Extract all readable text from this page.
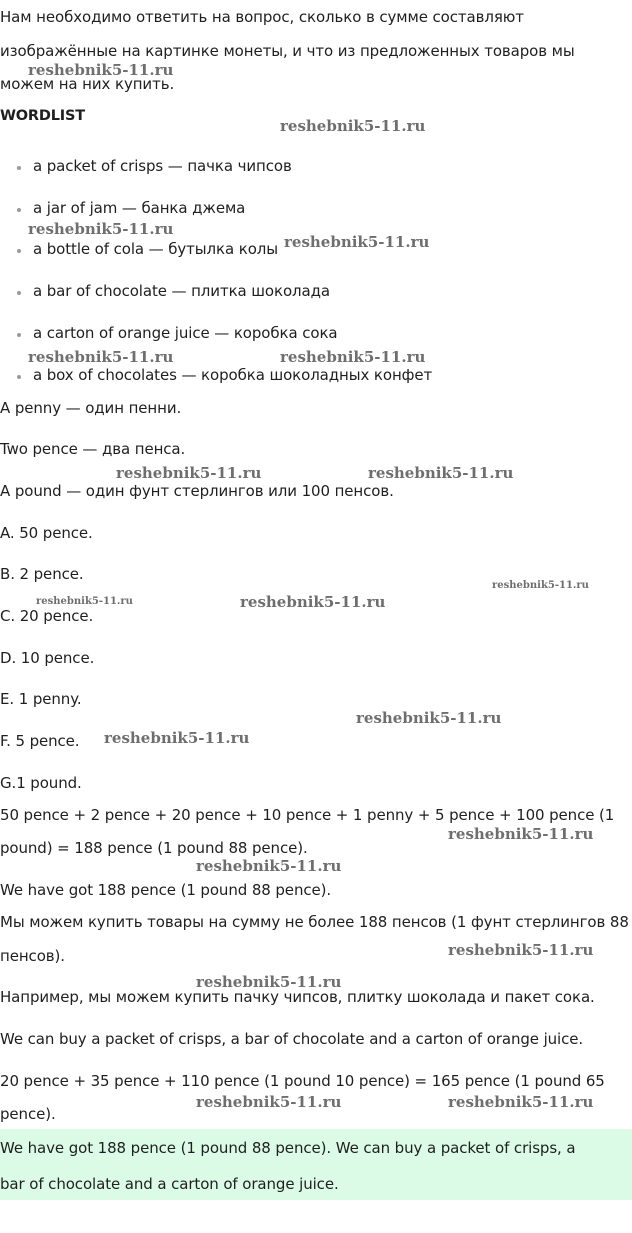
Нам необходимо ответить на вопрос, сколько в сумме составляют
изображённые на картинке монеты, и что из предложенных товаров мы
можем на них купить.
WORDLIST
a packet of crisps — пачка чипсов
a jar of jam — банка джема
a bottle of cola — бутылка колы
a bar of chocolate — плитка шоколада
a carton of orange juice — коробка сока
a box of chocolates — коробка шоколадных конфет
A penny — один пенни.
Two pence — два пенса.
A pound — один фунт стерлингов или 100 пенсов.
A. 50 pence.
B. 2 pence.
C. 20 pence.
D. 10 pence.
E. 1 penny.
F. 5 pence.
G.1 pound.
50 pence + 2 pence + 20 pence + 10 pence + 1 penny + 5 pence + 100 pence (1
pound) = 188 pence (1 pound 88 pence).
We have got 188 pence (1 pound 88 pence).
Мы можем купить товары на сумму не более 188 пенсов (1 фунт стерлингов 88
пенсов).
Например, мы можем купить пачку чипсов, плитку шоколада и пакет сока.
We can buy a packet of crisps, a bar of chocolate and a carton of orange juice.
20 pence + 35 pence + 110 pence (1 pound 10 pence) = 165 pence (1 pound 65
pence).
We have got 188 pence (1 pound 88 pence). We can buy a packet of crisps, a
bar of chocolate and a carton of orange juice.
reshebnik5-11.ru
reshebnik5-11.ru
reshebnik5-11.ru
reshebnik5-11.ru
reshebnik5-11.ru	reshebnik5-11.ru
reshebnik5-11.ru	reshebnik5-11.ru
reshebnik5-11.ru
reshebnik5-11.ru	reshebnik5-11.ru
reshebnik5-11.ru
reshebnik5-11.ru
reshebnik5-11.ru
reshebnik5-11.ru
reshebnik5-11.ru
reshebnik5-11.ru
reshebnik5-11.ru	reshebnik5-11.ru
